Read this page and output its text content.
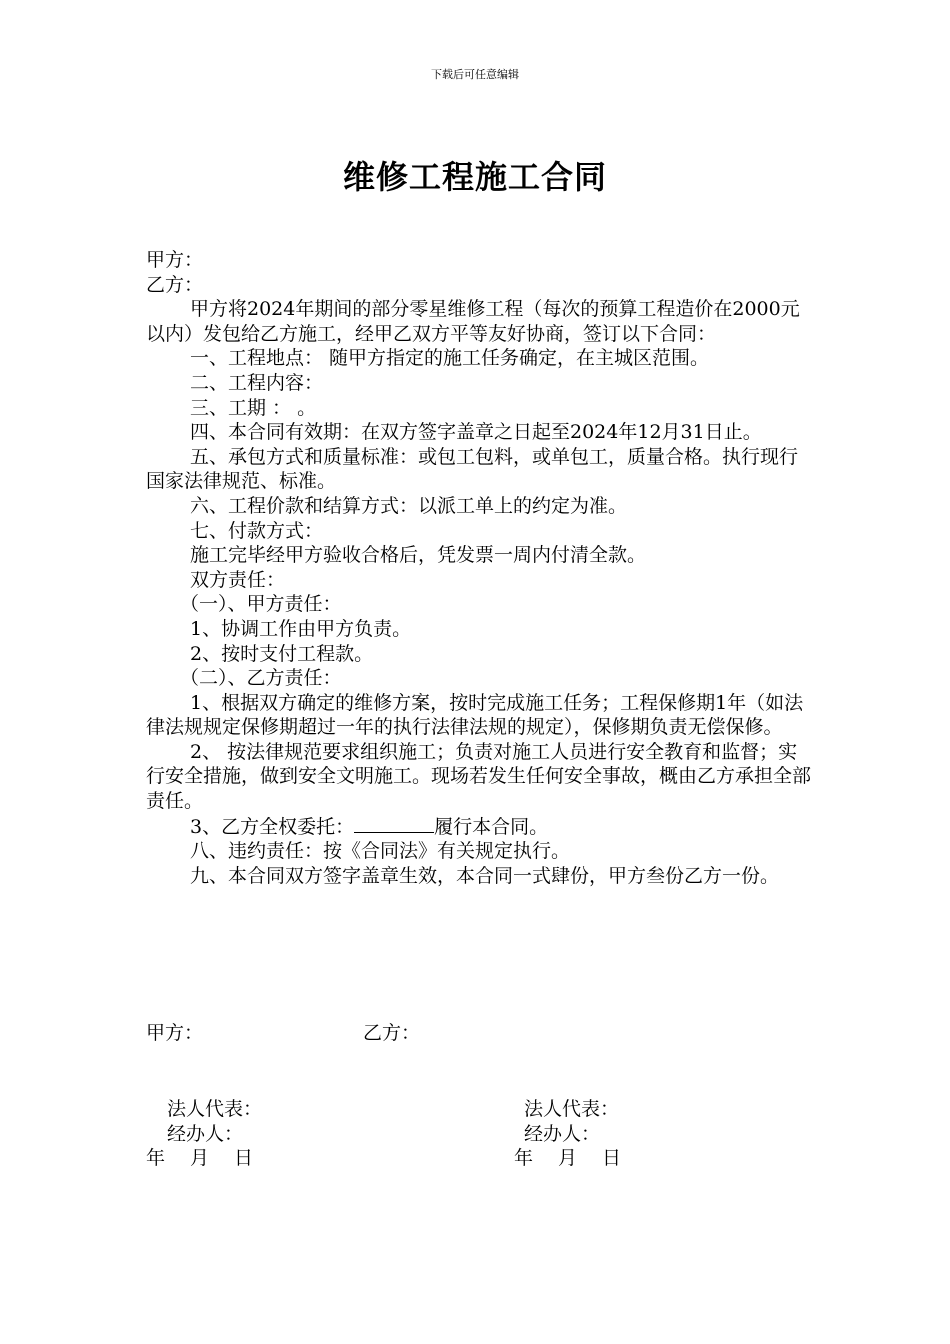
下载后可任意编辑
维修工程施工合同

甲方：

乙方：

甲方将2024年期间的部分零星维修工程（每次的预算工程造价在2000元以内）发包给乙方施工，经甲乙双方平等友好协商，签订以下合同：

一、工程地点： 随甲方指定的施工任务确定，在主城区范围。

二、工程内容：

三、工期 ： 。

四、本合同有效期：在双方签字盖章之日起至2024年12月31日止。

五、承包方式和质量标准：或包工包料，或单包工，质量合格。执行现行国家法律规范、标准。

六、工程价款和结算方式：以派工单上的约定为准。

七、付款方式：

施工完毕经甲方验收合格后，凭发票一周内付清全款。

双方责任：

（一）、甲方责任：

1、协调工作由甲方负责。

2、按时支付工程款。

（二）、乙方责任：

1、根据双方确定的维修方案，按时完成施工任务；工程保修期1年（如法律法规规定保修期超过一年的执行法律法规的规定），保修期负责无偿保修。

2、 按法律规范要求组织施工；负责对施工人员进行安全教育和监督；实行安全措施，做到安全文明施工。现场若发生任何安全事故，概由乙方承担全部责任。

3、乙方全权委托：	履行本合同。

八、违约责任：按《合同法》有关规定执行。

九、本合同双方签字盖章生效，本合同一式肆份，甲方叁份乙方一份。

甲方：	乙方：
法人代表：	法人代表：
经办人：	经办人：
年 月 日	年 月 日
